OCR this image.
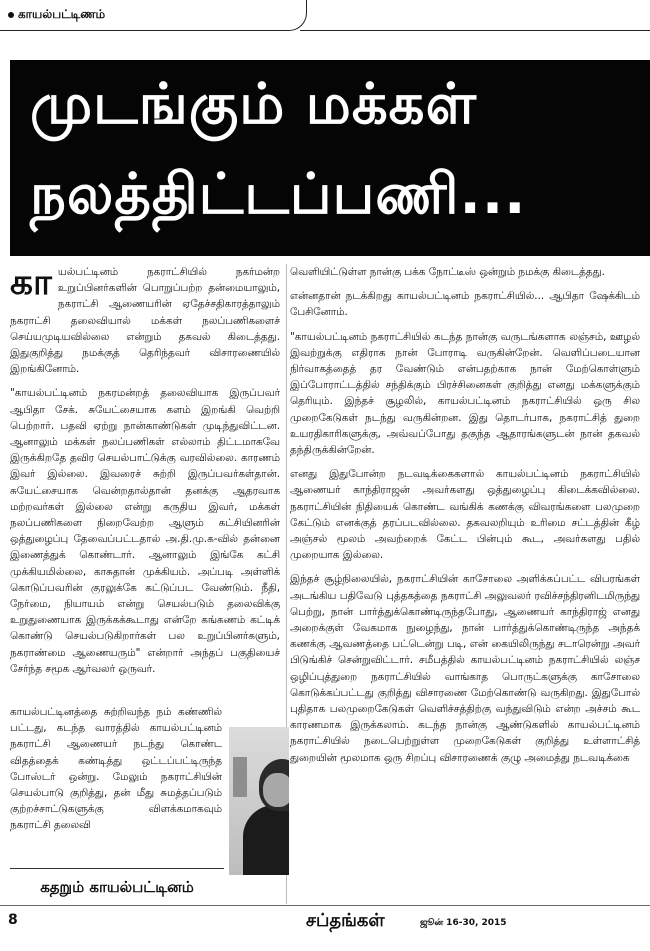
காயல்பட்டிணம்
முடங்கும் மக்கள்
நலத்திட்டப்பணி...

கா யல்பட்டினம் நகராட்சியில் நகர்மன்ற உறுப்பினர்களின் பொறுப்பற்ற தன்மையாலும், நகராட்சி ஆணையரின் ஏதேச்சதிகாரத்தாலும் நகராட்சி தலைவியால் மக்கள் நலப்பணிகளைச் செய்யமுடியவில்லை என்றும் தகவல் கிடைத்தது. இதுகுறித்து நமக்குத் தெரிந்தவர் விசாரணையில் இறங்கினோம்.

"காயல்பட்டினம் நகரமன்றத் தலைவியாக இருப்பவர் ஆபிதா சேக். சுயேட்சையாக களம் இறங்கி வெற்றி பெற்றார். பதவி ஏற்று நான்காண்டுகள் முடிந்துவிட்டன. ஆனாலும் மக்கள் நலப்பணிகள் எல்லாம் திட்டமாகவே இருக்கிறதே தவிர செயல்பாட்டுக்கு வரவில்லை. காரணம் இவர் இல்லை. இவரைச் சுற்றி இருப்பவர்கள்தான். சுயேட்சையாக வென்றதால்தான் தனக்கு ஆதரவாக மற்றவர்கள் இல்லை என்று கருதிய இவர், மக்கள் நலப்பணிகளை நிறைவேற்ற ஆளும் கட்சியினரின் ஒத்துழைப்பு தேவைப்பட்டதால் அ.தி.மு.க-வில் தன்னை இணைத்துக் கொண்டார். ஆனாலும் இங்கே கட்சி முக்கியமில்லை, காசுதான் முக்கியம். அப்படி அள்ளிக் கொடுப்பவரின் குரலுக்கே கட்டுப்பட வேண்டும். நீதி, நேர்மை, நியாயம் என்று செயல்படும் தலைவிக்கு உறுதுணையாக இருக்கக்கூடாது என்றே கங்கணம் கட்டிக் கொண்டு செயல்படுகிறார்கள் பல உறுப்பினர்களும், நகராண்மை ஆணையரும்" என்றார் அந்தப் பகுதியைச் சேர்ந்த சமூக ஆர்வலர் ஒருவர்.

காயல்பட்டினத்தை சுற்றிவந்த நம் கண்ணில் பட்டது, கடந்த வாரத்தில் காயல்பட்டினம் நகராட்சி ஆணையர் நடந்து கொண்ட விதத்தைக் கண்டித்து ஒட்டப்பட்டிருந்த போஸ்டர் ஒன்று. மேலும் நகராட்சியின் செயல்பாடு குறித்து, தன் மீது சுமத்தப்படும் குற்றச்சாட்டுகளுக்கு விளக்கமாகவும் நகராட்சி தலைவி

வெளியிட்டுள்ள நான்கு பக்க நோட்டீஸ் ஒன்றும் நமக்கு கிடைத்தது.

என்னதான் நடக்கிறது காயல்பட்டினம் நகராட்சியில்... ஆபிதா ஷேக்கிடம் பேசினோம்.

"காயல்பட்டினம் நகராட்சியில் கடந்த நான்கு வருடங்களாக லஞ்சம், ஊழல் இவற்றுக்கு எதிராக நான் போராடி வருகின்றேன். வெளிப்படையான நிர்வாகத்தைத் தர வேண்டும் என்பதற்காக நான் மேற்கொள்ளும் இப்போராட்டத்தில் சந்திக்கும் பிரச்சினைகள் குறித்து எனது மக்களுக்கும் தெரியும். இந்தச் சூழலில், காயல்பட்டினம் நகராட்சியில் ஒரு சில முறைகேடுகள் நடந்து வருகின்றன. இது தொடர்பாக, நகராட்சித் துறை உயரதிகாரிகளுக்கு, அவ்வப்போது தகுந்த ஆதாரங்களுடன் நான் தகவல் தந்திருக்கின்றேன்.

எனது இதுபோன்ற நடவடிக்கைகளால் காயல்பட்டினம் நகராட்சியில் ஆணையர் காந்திராஜன் அவர்களது ஒத்துழைப்பு கிடைக்கவில்லை. நகராட்சியின் நிதியைக் கொண்ட வங்கிக் கணக்கு விவரங்களை பலமுறை கேட்டும் எனக்குத் தரப்படவில்லை. தகவலறியும் உரிமை சட்டத்தின் கீழ் அஞ்சல் மூலம் அவற்றைக் கேட்ட பின்பும் கூட, அவர்களது பதில் முறையாக இல்லை.

இந்தச் சூழ்நிலையில், நகராட்சியின் காசோலை அளிக்கப்பட்ட விபரங்கள் அடங்கிய பதிவேடு புத்தகத்தை நகராட்சி அலுவலர் ரவிச்சந்திரனிடமிருந்து பெற்று, நான் பார்த்துக்கொண்டிருந்தபோது, ஆணையர் காந்திராஜ் எனது அறைக்குள் வேகமாக நுழைந்து, நான் பார்த்துக்கொண்டிருந்த அந்தக் கணக்கு ஆவணத்தை பட்டென்று படி, என் கையிலிருந்து சடாரென்று அவர் பிடுங்கிச் சென்றுவிட்டார். சமீபத்தில் காயல்பட்டினம் நகராட்சியில் லஞ்ச ஒழிப்புத்துறை நகராட்சியில் வாங்காத பொருட்களுக்கு காசோலை கொடுக்கப்பட்டது குறித்து விசாரணை மேற்கொண்டு வருகிறது. இதுபோல் புதிதாக பலமுறைகேடுகள் வெளிச்சத்திற்கு வந்துவிடும் என்ற அச்சம் கூட காரணமாக இருக்கலாம். கடந்த நான்கு ஆண்டுகளில் காயல்பட்டினம் நகராட்சியில் நடைபெற்றுள்ள முறைகேடுகள் குறித்து உள்ளாட்சித் துறையின் மூலமாக ஒரு சிறப்பு விசாரணைக் குழு அமைத்து நடவடிக்கை

கதறும் காயல்பட்டினம்
8	சப்தங்கள்	ஜூன் 16-30, 2015
